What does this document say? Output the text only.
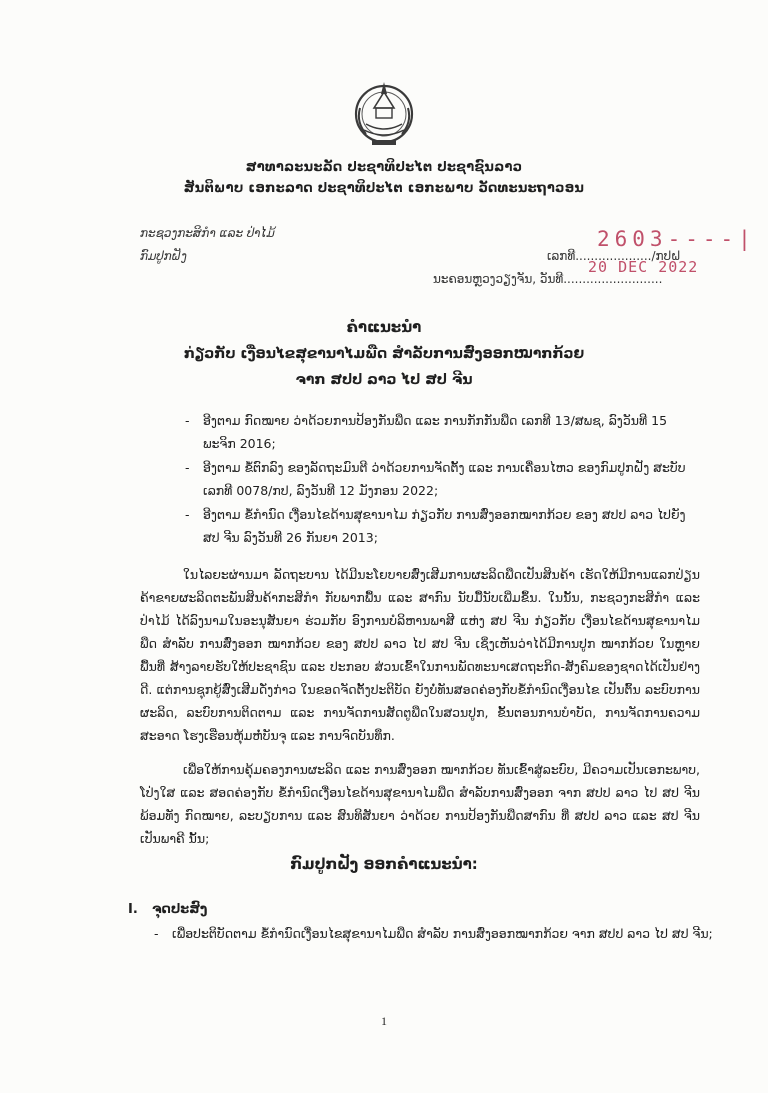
ສາທາລະນະລັດ ປະຊາທິປະໄຕ ປະຊາຊົນລາວ
ສັນຕິພາບ ເອກະລາດ ປະຊາທິປະໄຕ ເອກະພາບ ວັດທະນະຖາວອນ
ກະຊວງກະສິກຳ ແລະ ປ່າໄມ້
ກົມປູກຝັງ
2603----|
ເລກທີ..................../ກປຝ
20 DEC 2022
ນະຄອນຫຼວງວຽງຈັນ, ວັນທີ..........................
ຄຳແນະນຳ
ກ່ຽວກັບ ເງື່ອນໄຂສຸຂານາໄມພືດ ສຳລັບການສົ່ງອອກໝາກກ້ວຍ
ຈາກ ສປປ ລາວ ໄປ ສປ ຈີນ
- ອີງຕາມ ກົດໝາຍ ວ່າດ້ວຍການປ້ອງກັນພືດ ແລະ ການກັກກັນພືດ ເລກທີ 13/ສພຊ, ລົງວັນທີ 15 ພະຈິກ 2016;
- ອີງຕາມ ຂໍ້ຕົກລົງ ຂອງລັດຖະມົນຕີ ວ່າດ້ວຍການຈັດຕັ້ງ ແລະ ການເຄື່ອນໄຫວ ຂອງກົມປູກຝັງ ສະບັບ ເລກທີ 0078/ກປ, ລົງວັນທີ 12 ມັງກອນ 2022;
- ອີງຕາມ ຂໍ້ກຳນົດ ເງື່ອນໄຂດ້ານສຸຂານາໄມ ກ່ຽວກັບ ການສົ່ງອອກໝາກກ້ວຍ ຂອງ ສປປ ລາວ ໄປຍັງ ສປ ຈີນ ລົງວັນທີ 26 ກັນຍາ 2013;

ໃນໄລຍະຜ່ານມາ ລັດຖະບານ ໄດ້ມີນະໂຍບາຍສົ່ງເສີມການຜະລິດພືດເປັນສິນຄ້າ ເຮັດໃຫ້ມີການແລກປ່ຽນຄ້າຂາຍຜະລິດຕະພັນສິນຄ້າກະສິກຳ ກັບພາກພື້ນ ແລະ ສາກົນ ນັບມື້ນັບເພີ່ມຂຶ້ນ. ໃນນັ້ນ, ກະຊວງກະສິກຳ ແລະ ປ່າໄມ້ ໄດ້ລົງນາມໃນອະນຸສັນຍາ ຮ່ວມກັບ ອົງການບໍລິຫານພາສີ ແຫ່ງ ສປ ຈີນ ກ່ຽວກັບ ເງື່ອນໄຂດ້ານສຸຂານາໄມພືດ ສຳລັບ ການສົ່ງອອກ ໝາກກ້ວຍ ຂອງ ສປປ ລາວ ໄປ ສປ ຈີນ ເຊິ່ງເຫັນວ່າໄດ້ມີການປູກ ໝາກກ້ວຍ ໃນຫຼາຍພື້ນທີ່ ສ້າງລາຍຮັບໃຫ້ປະຊາຊົນ ແລະ ປະກອບ ສ່ວນເຂົ້າໃນການພັດທະນາເສດຖະກິດ-ສັງຄົມຂອງຊາດໄດ້ເປັນຢ່າງດີ. ແຕ່ການຊຸກຍູ້ສົ່ງເສີມດັ່ງກ່າວ ໃນຂອດຈັດຕັ້ງປະຕິບັດ ຍັງບໍ່ທັນສອດຄ່ອງກັບຂໍ້ກຳນົດເງື່ອນໄຂ ເປັນຕົ້ນ ລະບົບການຜະລິດ, ລະບົບການຕິດຕາມ ແລະ ການຈັດການສັດຕູພືດໃນສວນປູກ, ຂັ້ນຕອນການບໍາບັດ, ການຈັດການຄວາມສະອາດ ໂຮງເຮືອນຫຸ້ມຫໍ່ບັນຈຸ ແລະ ການຈົດບັນທຶກ.

ເພື່ອໃຫ້ການຄຸ້ມຄອງການຜະລິດ ແລະ ການສົ່ງອອກ ໝາກກ້ວຍ ທັນເຂົ້າສູ່ລະບົບ, ມີຄວາມເປັນເອກະພາບ, ໂປ່ງໃສ ແລະ ສອດຄ່ອງກັບ ຂໍ້ກຳນົດເງື່ອນໄຂດ້ານສຸຂານາໄມພືດ ສຳລັບການສົ່ງອອກ ຈາກ ສປປ ລາວ ໄປ ສປ ຈີນ ພ້ອມທັງ ກົດໝາຍ, ລະບຽບການ ແລະ ສົນທິສັນຍາ ວ່າດ້ວຍ ການປ້ອງກັນພືດສາກົນ ທີ່ ສປປ ລາວ ແລະ ສປ ຈີນ ເປັນພາຄີ ນັ້ນ;

ກົມປູກຝັງ ອອກຄຳແນະນຳ:
I. ຈຸດປະສົງ
- ເພື່ອປະຕິບັດຕາມ ຂໍ້ກຳນົດເງື່ອນໄຂສຸຂານາໄມພືດ ສຳລັບ ການສົ່ງອອກໝາກກ້ວຍ ຈາກ ສປປ ລາວ ໄປ ສປ ຈີນ;
1
